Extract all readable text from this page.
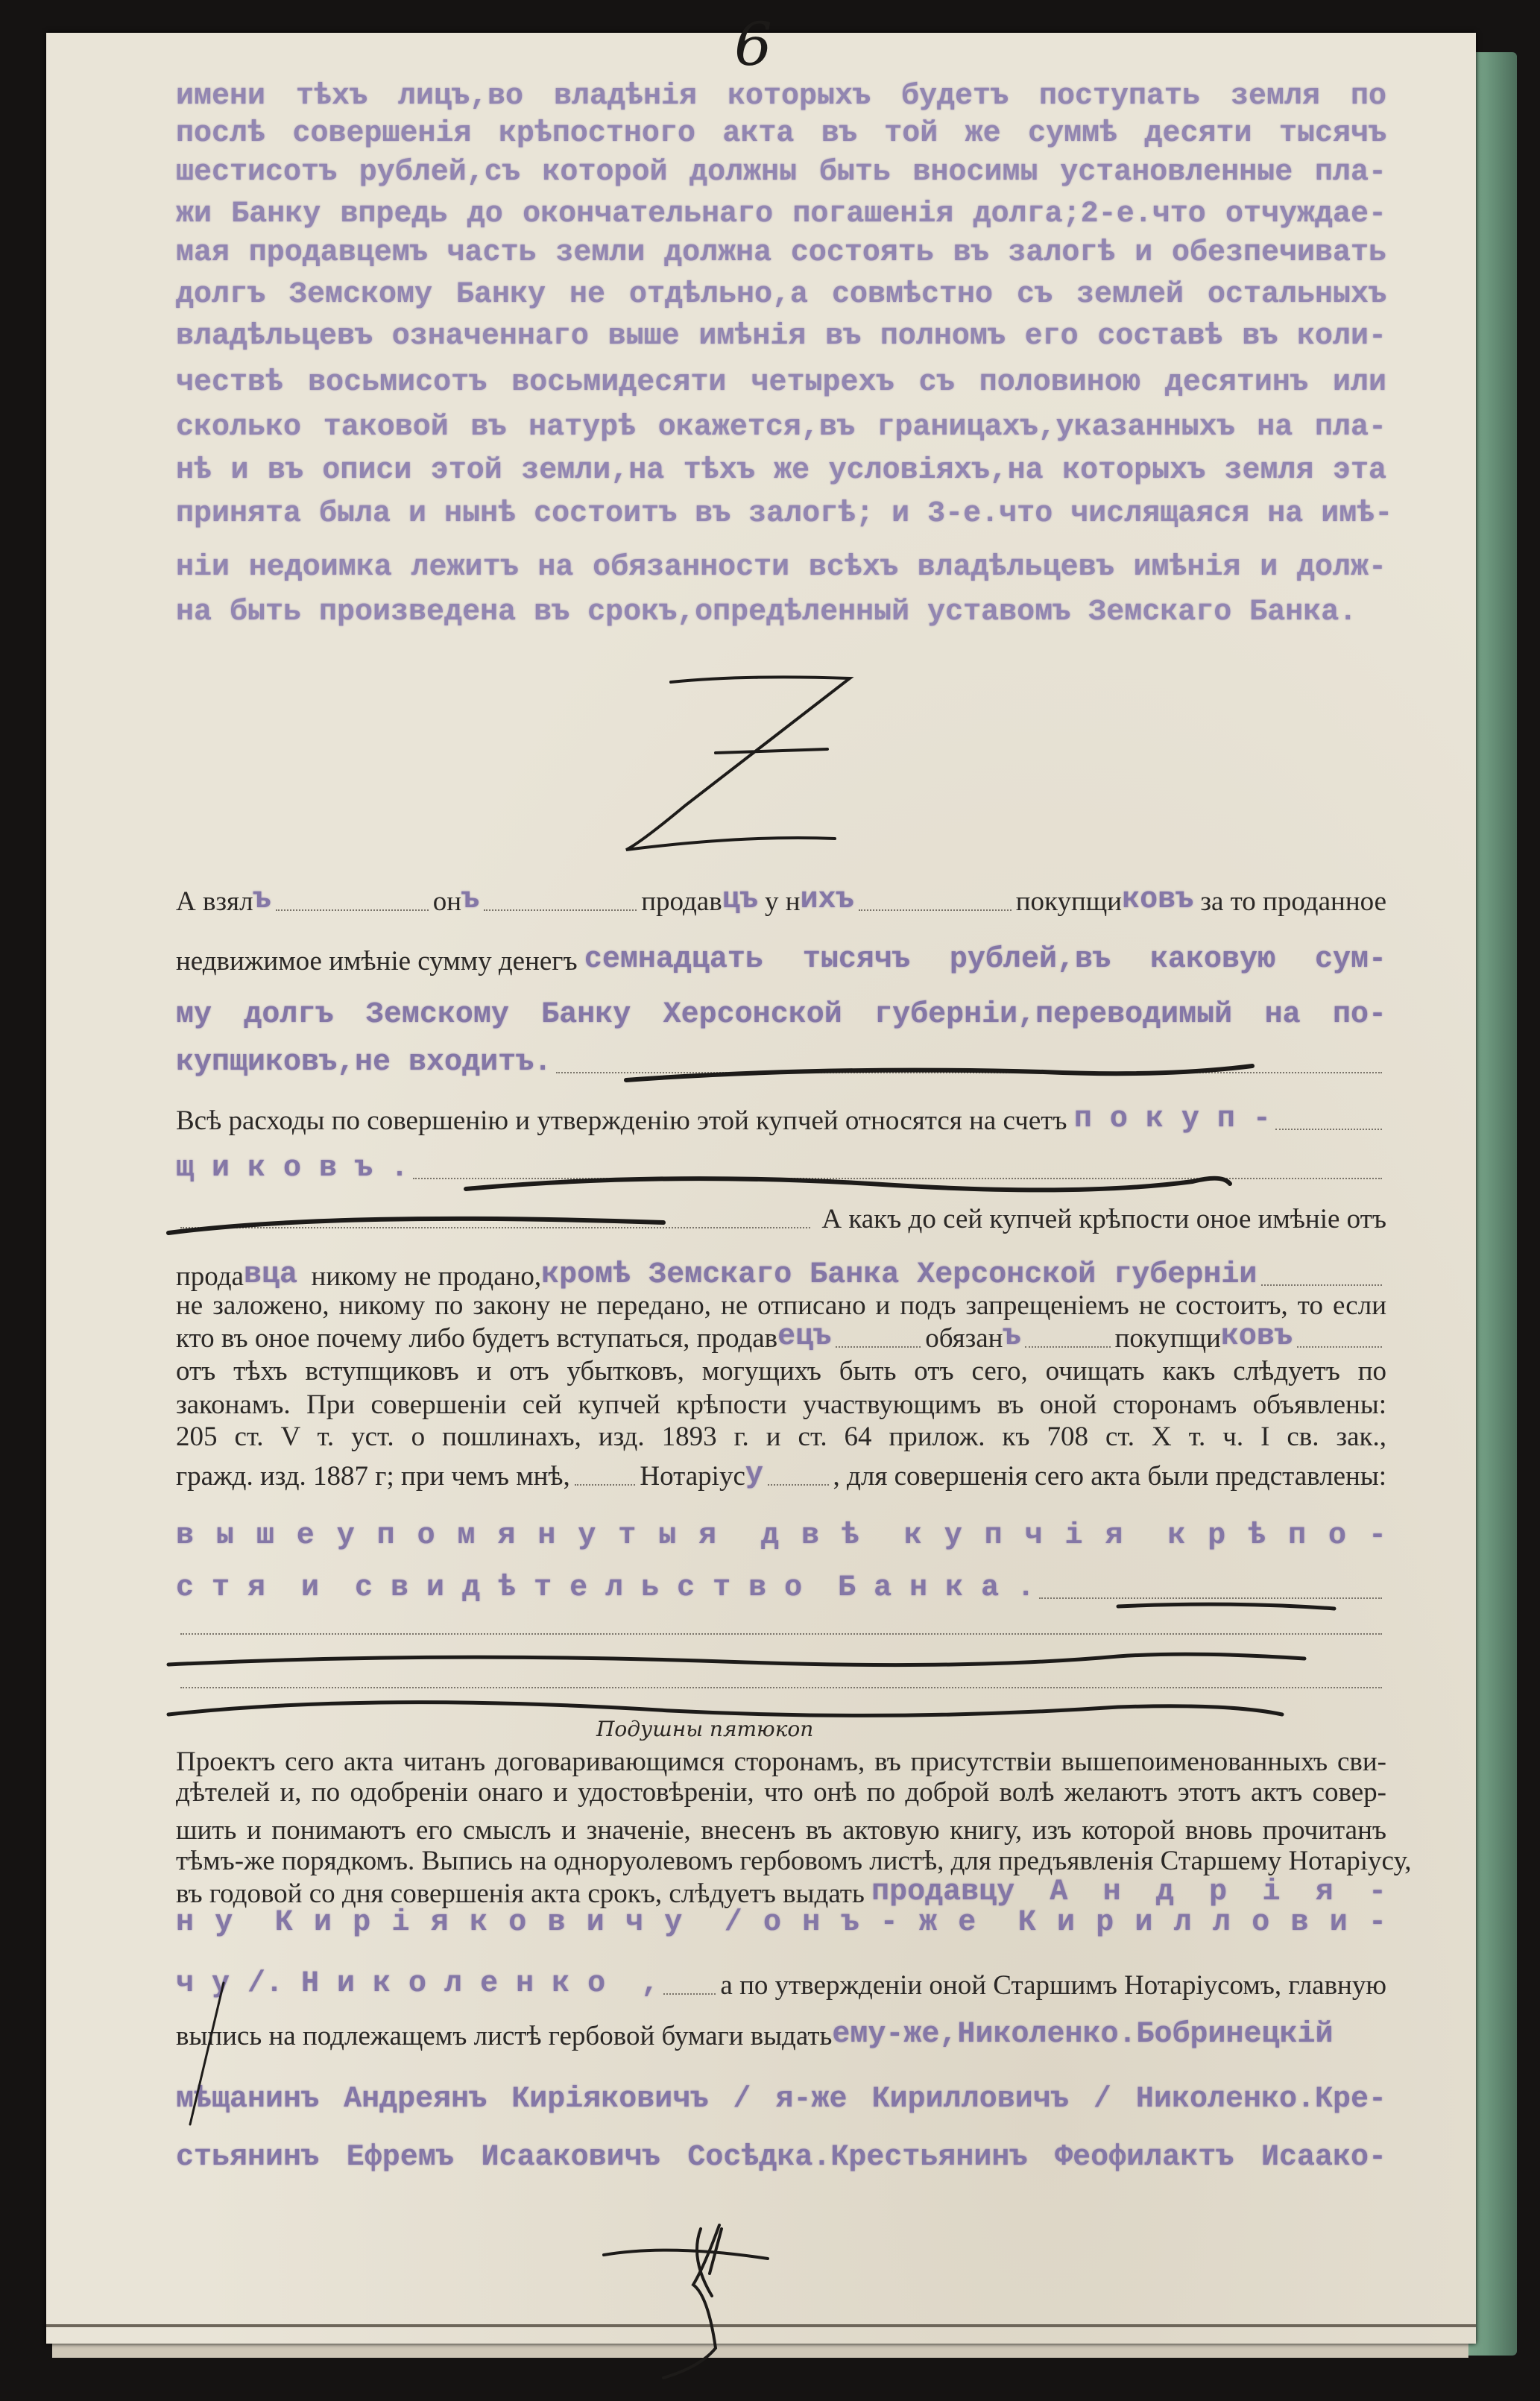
6
имени тѣхъ лицъ,во владѣнія которыхъ будетъ поступать земля по
послѣ совершенія крѣпостного акта въ той же суммѣ десяти тысячъ
шестисотъ рублей,съ которой должны быть вносимы установленные пла-
жи Банку впредь до окончательнаго погашенія долга;2-е.что отчуждае-
мая продавцемъ часть земли должна состоять въ залогѣ и обезпечивать
долгъ Земскому Банку не отдѣльно,а совмѣстно съ землей остальныхъ
владѣльцевъ означеннаго выше имѣнія въ полномъ его составѣ въ коли-
чествѣ восьмисотъ восьмидесяти четырехъ съ половиною десятинъ или
сколько таковой въ натурѣ окажется,въ границахъ,указанныхъ на пла-
нѣ и въ описи этой земли,на тѣхъ же условіяхъ,на которыхъ земля эта
принята была и нынѣ состоитъ въ залогѣ; и 3-е.что числящаяся на имѣ-
ніи недоимка лежитъ на обязанности всѣхъ владѣльцевъ имѣнія и долж-
на быть произведена въ срокъ,опредѣленный уставомъ Земскаго Банка.
А взял ъ	он ъ	продав цъ у н ихъ	покупщи ковъ за то проданное
недвижимое имѣніе сумму денегъ семнадцать тысячъ рублей,въ каковую сум-
му долгъ Земскому Банку Херсонской губерніи,переводимый на по-
купщиковъ,не входитъ.
Всѣ расходы по совершенію и утвержденію этой купчей относятся на счетъ п о к у п -
щ и к о в ъ .
А какъ до сей купчей крѣпости оное имѣніе отъ
прода вца никому не продано, кромѣ Земскаго Банка Херсонской губерніи
не заложено, никому по закону не передано, не отписано и подъ запрещеніемъ не состоитъ, то если
кто въ оное почему либо будетъ вступаться, продав ецъ	обязан ъ	покупщи ковъ
отъ тѣхъ вступщиковъ и отъ убытковъ, могущихъ быть отъ сего, очищать какъ слѣдуетъ по
законамъ. При совершеніи сей купчей крѣпости участвующимъ въ оной сторонамъ объявлены:
205 ст. V т. уст. о пошлинахъ, изд. 1893 г. и ст. 64 прилож. къ 708 ст. X т. ч. I св. зак.,
гражд. изд. 1887 г; при чемъ мнѣ,	Нотаріус у	, для совершенія сего акта были представлены:
в ы ш е у п о м я н у т ы я  д в ѣ  к у п ч і я  к р ѣ п о -
с т я  и  с в и д ѣ т е л ь с т в о  Б а н к а .
Проектъ сего акта читанъ договаривающимся сторонамъ, въ присутствіи вышепоименованныхъ сви-
дѣтелей и, по одобреніи онаго и удостовѣреніи, что онѣ по доброй волѣ желаютъ этотъ актъ совер-
шить и понимаютъ его смыслъ и значеніе, внесенъ въ актовую книгу, изъ которой вновь прочитанъ
тѣмъ-же порядкомъ. Выпись на одноруолевомъ гербовомъ листѣ, для предъявленія Старшему Нотаріусу,
въ годовой со дня совершенія акта срокъ, слѣдуетъ выдать продавцу А н д р і я -
н у  К и р і я к о в и ч у  / о н ъ - ж е  К и р и л л о в и -
ч у /. Н и к о л е н к о  , а по утвержденіи оной Старшимъ Нотаріусомъ, главную
выпись на подлежащемъ листѣ гербовой бумаги выдать ему-же,Николенко.Бобринецкій
мѣщанинъ Андреянъ Киріяковичъ / я-же Кирилловичъ / Николенко.Кре-
стьянинъ Ефремъ Исааковичъ Сосѣдка.Крестьянинъ Феофилактъ Исаако-
Подушны пятюкоп
